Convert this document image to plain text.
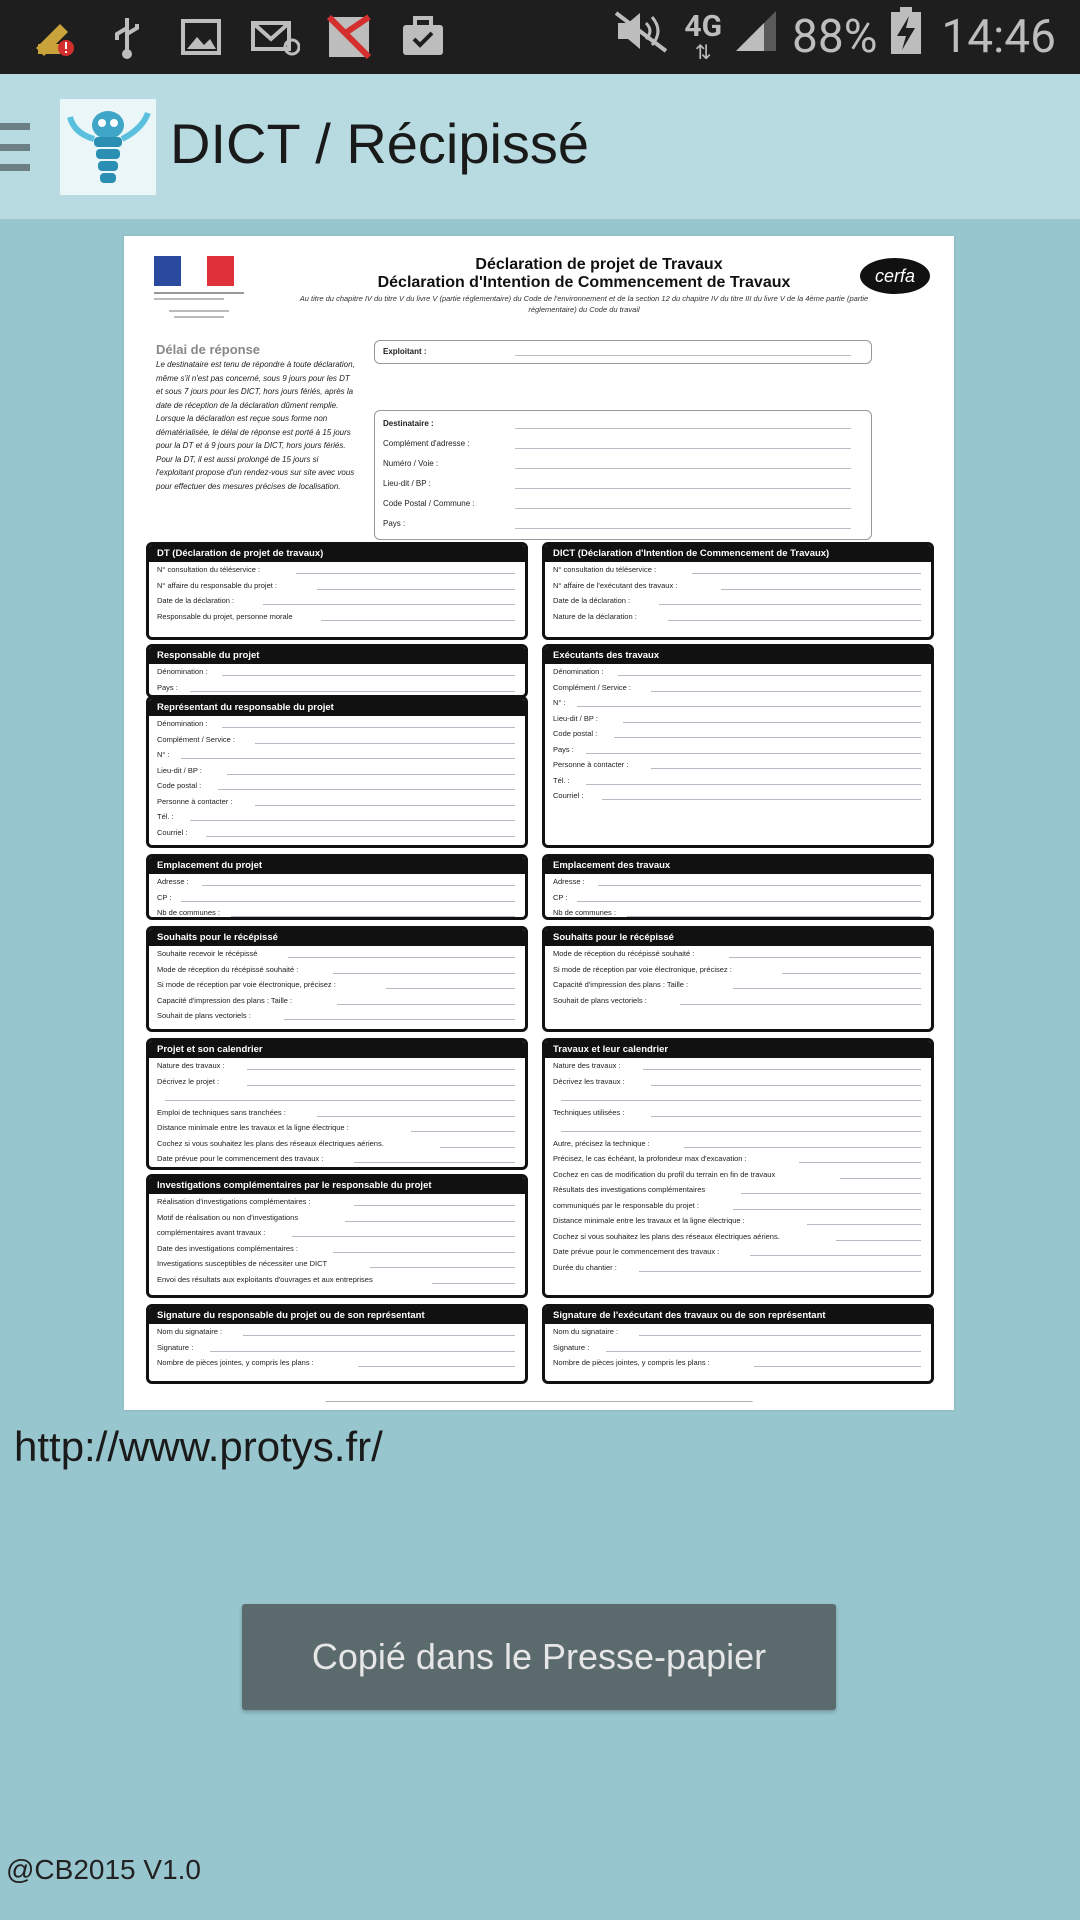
4G
⇅ 88% 14:46
DICT / Récipissé
Déclaration de projet de Travaux
Déclaration d'Intention de Commencement de Travaux
Au titre du chapitre IV du titre V du livre V (partie réglementaire) du Code de l'environnement et de la section 12 du chapitre IV du titre III du livre V de la 4ème partie (partie réglementaire) du Code du travail
cerfa
Délai de réponse
Le destinataire est tenu de répondre à toute déclaration, même s'il n'est pas concerné, sous 9 jours pour les DT et sous 7 jours pour les DICT, hors jours fériés, après la date de réception de la déclaration dûment remplie. Lorsque la déclaration est reçue sous forme non dématérialisée, le délai de réponse est porté à 15 jours pour la DT et à 9 jours pour la DICT, hors jours fériés. Pour la DT, il est aussi prolongé de 15 jours si l'exploitant propose d'un rendez-vous sur site avec vous pour effectuer des mesures précises de localisation.
Exploitant :
Destinataire :
Complément d'adresse :
Numéro / Voie :
Lieu-dit / BP :
Code Postal / Commune :
Pays :
DT (Déclaration de projet de travaux)
N° consultation du téléservice :
N° affaire du responsable du projet :
Date de la déclaration :
Responsable du projet, personne morale
Responsable du projet
Dénomination :
Pays :
Représentant du responsable du projet
Dénomination :
Complément / Service :
N° :
Lieu-dit / BP :
Code postal :
Personne à contacter :
Tél. :
Courriel :
Emplacement du projet
Adresse :
CP :
Nb de communes :
Souhaits pour le récépissé
Souhaite recevoir le récépissé
Mode de réception du récépissé souhaité :
Si mode de réception par voie électronique, précisez :
Capacité d'impression des plans : Taille :
Souhait de plans vectoriels :
Projet et son calendrier
Nature des travaux :
Décrivez le projet :
Emploi de techniques sans tranchées :
Distance minimale entre les travaux et la ligne électrique :
Cochez si vous souhaitez les plans des réseaux électriques aériens.
Date prévue pour le commencement des travaux :
Investigations complémentaires par le responsable du projet
Réalisation d'investigations complémentaires :
Motif de réalisation ou non d'investigations
complémentaires avant travaux :
Date des investigations complémentaires :
Investigations susceptibles de nécessiter une DICT
Envoi des résultats aux exploitants d'ouvrages et aux entreprises
Signature du responsable du projet ou de son représentant
Nom du signataire :
Signature :
Nombre de pièces jointes, y compris les plans :
DICT (Déclaration d'Intention de Commencement de Travaux)
N° consultation du téléservice :
N° affaire de l'exécutant des travaux :
Date de la déclaration :
Nature de la déclaration :
Exécutants des travaux
Dénomination :
Complément / Service :
N° :
Lieu-dit / BP :
Code postal :
Pays :
Personne à contacter :
Tél. :
Courriel :
Emplacement des travaux
Adresse :
CP :
Nb de communes :
Souhaits pour le récépissé
Mode de réception du récépissé souhaité :
Si mode de réception par voie électronique, précisez :
Capacité d'impression des plans : Taille :
Souhait de plans vectoriels :
Travaux et leur calendrier
Nature des travaux :
Décrivez les travaux :
Techniques utilisées :
Autre, précisez la technique :
Précisez, le cas échéant, la profondeur max d'excavation :
Cochez en cas de modification du profil du terrain en fin de travaux
Résultats des investigations complémentaires
communiqués par le responsable du projet :
Distance minimale entre les travaux et la ligne électrique :
Cochez si vous souhaitez les plans des réseaux électriques aériens.
Date prévue pour le commencement des travaux :
Durée du chantier :
Signature de l'exécutant des travaux ou de son représentant
Nom du signataire :
Signature :
Nombre de pièces jointes, y compris les plans :
________________________________________________________________________________________________________________________________
http://www.protys.fr/
Copié dans le Presse-papier
@CB2015 V1.0
